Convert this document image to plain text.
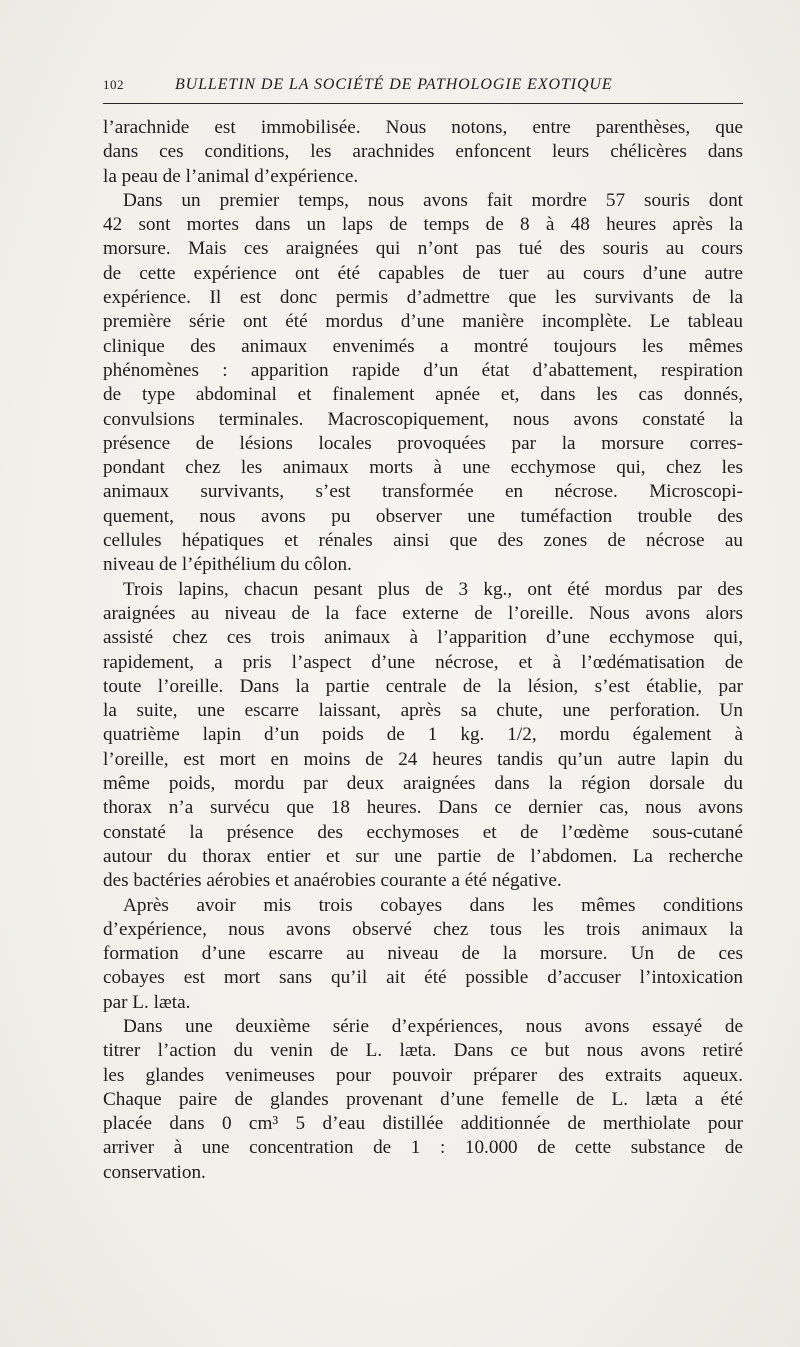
102	BULLETIN DE LA SOCIÉTÉ DE PATHOLOGIE EXOTIQUE
l’arachnide est immobilisée. Nous notons, entre parenthèses, que
dans ces conditions, les arachnides enfoncent leurs chélicères dans
la peau de l’animal d’expérience.
Dans un premier temps, nous avons fait mordre 57 souris dont
42 sont mortes dans un laps de temps de 8 à 48 heures après la
morsure. Mais ces araignées qui n’ont pas tué des souris au cours
de cette expérience ont été capables de tuer au cours d’une autre
expérience. Il est donc permis d’admettre que les survivants de la
première série ont été mordus d’une manière incomplète. Le tableau
clinique des animaux envenimés a montré toujours les mêmes
phénomènes : apparition rapide d’un état d’abattement, respiration
de type abdominal et finalement apnée et, dans les cas donnés,
convulsions terminales. Macroscopiquement, nous avons constaté la
présence de lésions locales provoquées par la morsure corres-
pondant chez les animaux morts à une ecchymose qui, chez les
animaux survivants, s’est transformée en nécrose. Microscopi-
quement, nous avons pu observer une tuméfaction trouble des
cellules hépatiques et rénales ainsi que des zones de nécrose au
niveau de l’épithélium du côlon.
Trois lapins, chacun pesant plus de 3 kg., ont été mordus par des
araignées au niveau de la face externe de l’oreille. Nous avons alors
assisté chez ces trois animaux à l’apparition d’une ecchymose qui,
rapidement, a pris l’aspect d’une nécrose, et à l’œdématisation de
toute l’oreille. Dans la partie centrale de la lésion, s’est établie, par
la suite, une escarre laissant, après sa chute, une perforation. Un
quatrième lapin d’un poids de 1 kg. 1/2, mordu également à
l’oreille, est mort en moins de 24 heures tandis qu’un autre lapin du
même poids, mordu par deux araignées dans la région dorsale du
thorax n’a survécu que 18 heures. Dans ce dernier cas, nous avons
constaté la présence des ecchymoses et de l’œdème sous-cutané
autour du thorax entier et sur une partie de l’abdomen. La recherche
des bactéries aérobies et anaérobies courante a été négative.
Après avoir mis trois cobayes dans les mêmes conditions
d’expérience, nous avons observé chez tous les trois animaux la
formation d’une escarre au niveau de la morsure. Un de ces
cobayes est mort sans qu’il ait été possible d’accuser l’intoxication
par L. læta.
Dans une deuxième série d’expériences, nous avons essayé de
titrer l’action du venin de L. læta. Dans ce but nous avons retiré
les glandes venimeuses pour pouvoir préparer des extraits aqueux.
Chaque paire de glandes provenant d’une femelle de L. læta a été
placée dans 0 cm³ 5 d’eau distillée additionnée de merthiolate pour
arriver à une concentration de 1 : 10.000 de cette substance de
conservation.
